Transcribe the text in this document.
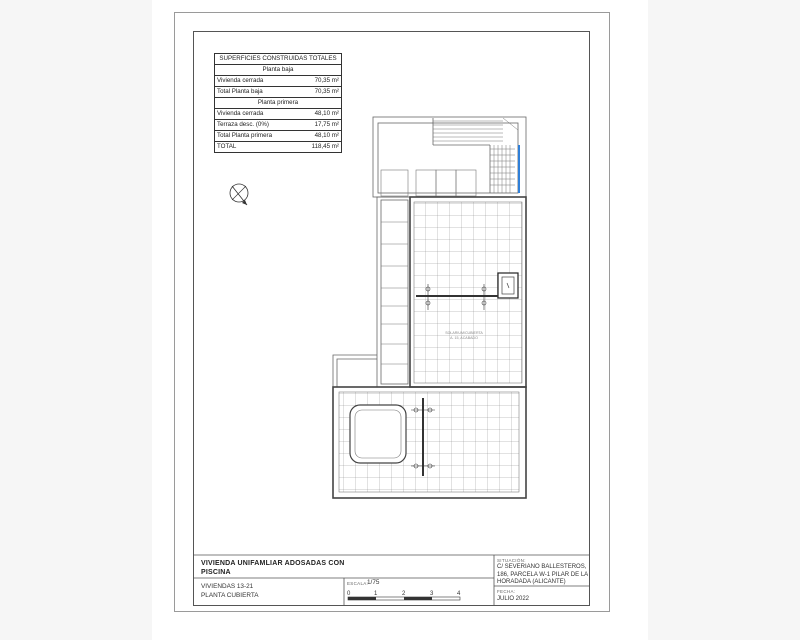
SUPERFICIES CONSTRUIDAS TOTALES	
Planta baja	
Vivienda cerrada	70,35 m²
Total Planta baja	70,35 m²
Planta primera	
Vivienda cerrada	48,10 m²
Terraza desc. (0%)	17,75 m²
Total Planta primera	48,10 m²
TOTAL	118,45 m²
SOLARIUM/CUBIERTA
A. 15, ACABADO
VIVIENDA UNIFAMLIAR ADOSADAS CON PISCINA
VIVIENDAS 13-21
PLANTA CUBIERTA
ESCALA:
1/75
0	1	2	3	4
SITUACIÓN:
C/ SEVERIANO BALLESTEROS, 186, PARCELA W-1 PILAR DE LA HORADADA (ALICANTE)
FECHA:
JULIO 2022
